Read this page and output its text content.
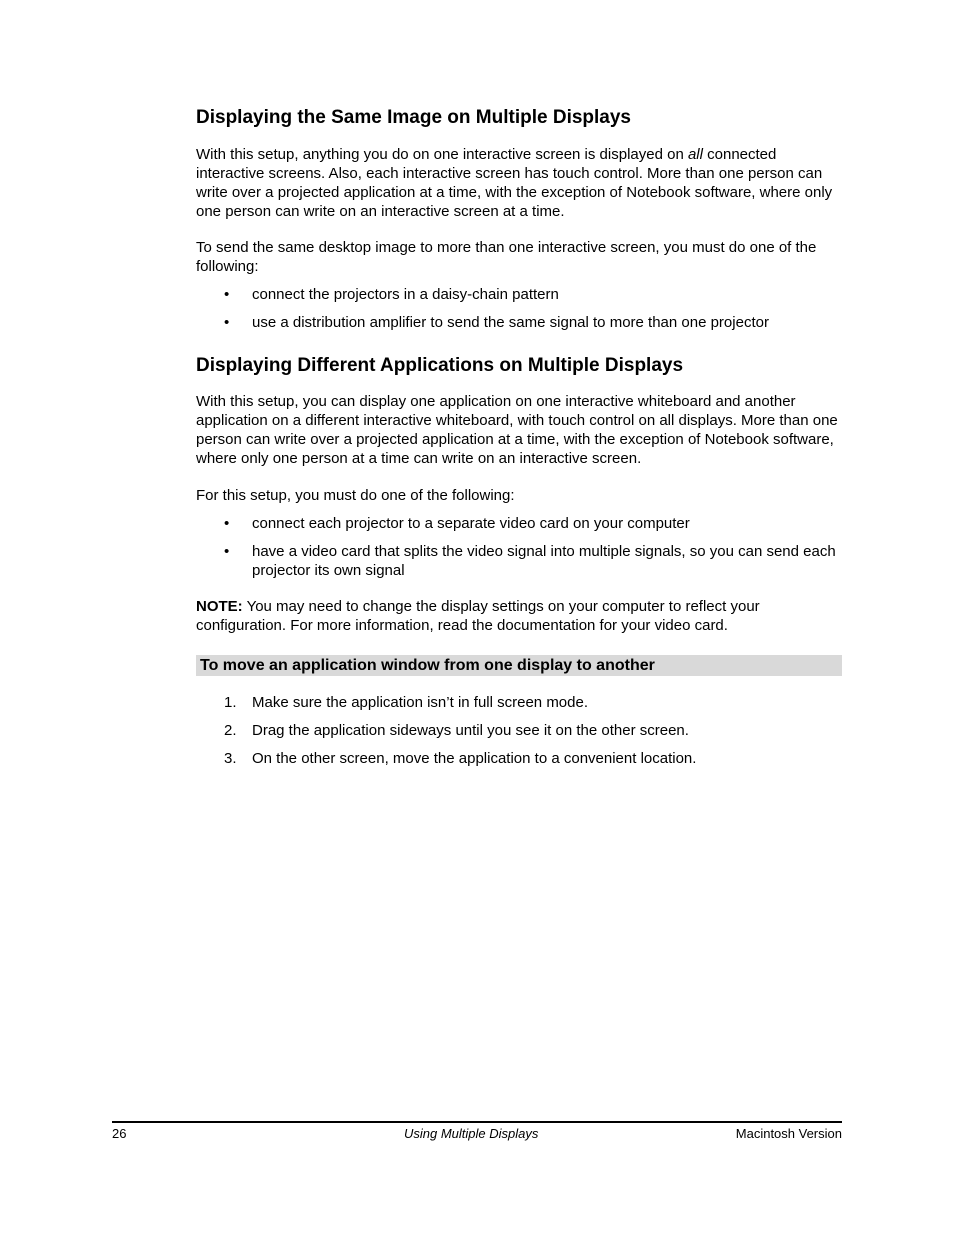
Displaying the Same Image on Multiple Displays

With this setup, anything you do on one interactive screen is displayed on all connected interactive screens. Also, each interactive screen has touch control. More than one person can write over a projected application at a time, with the exception of Notebook software, where only one person can write on an interactive screen at a time.

To send the same desktop image to more than one interactive screen, you must do one of the following:

• connect the projectors in a daisy-chain pattern
• use a distribution amplifier to send the same signal to more than one projector
Displaying Different Applications on Multiple Displays

With this setup, you can display one application on one interactive whiteboard and another application on a different interactive whiteboard, with touch control on all displays. More than one person can write over a projected application at a time, with the exception of Notebook software, where only one person at a time can write on an interactive screen.

For this setup, you must do one of the following:

• connect each projector to a separate video card on your computer
• have a video card that splits the video signal into multiple signals, so you can send each projector its own signal

NOTE: You may need to change the display settings on your computer to reflect your configuration. For more information, read the documentation for your video card.

To move an application window from one display to another
1. Make sure the application isn’t in full screen mode.
2. Drag the application sideways until you see it on the other screen.
3. On the other screen, move the application to a convenient location.
26	Using Multiple Displays	Macintosh Version
